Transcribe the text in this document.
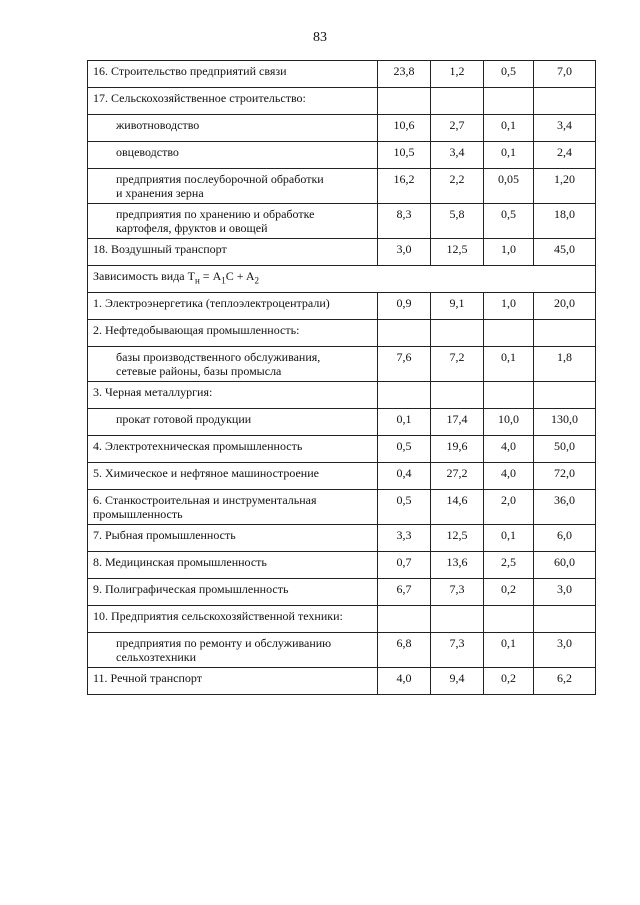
83
16. Строительство предприятий связи	23,8	1,2	0,5	7,0

17. Сельскохозяйственное строительство:				

животноводство	10,6	2,7	0,1	3,4

овцеводство	10,5	3,4	0,1	2,4

предприятия послеуборочной обработки
и хранения зерна	16,2	2,2	0,05	1,20

предприятия по хранению и обработке
картофеля, фруктов и овощей	8,3	5,8	0,5	18,0

18. Воздушный транспорт	3,0	12,5	1,0	45,0
Зависимость вида $T_н = A_1C + A_2$

1. Электроэнергетика (теплоэлектроцентрали)	0,9	9,1	1,0	20,0

2. Нефтедобывающая промышленность:				

базы производственного обслуживания,
сетевые районы, базы промысла	7,6	7,2	0,1	1,8

3. Черная металлургия:				

прокат готовой продукции	0,1	17,4	10,0	130,0

4. Электротехническая промышленность	0,5	19,6	4,0	50,0

5. Химическое и нефтяное машиностроение	0,4	27,2	4,0	72,0

6. Станкостроительная и инструментальная
промышленность	0,5	14,6	2,0	36,0

7. Рыбная промышленность	3,3	12,5	0,1	6,0

8. Медицинская промышленность	0,7	13,6	2,5	60,0

9. Полиграфическая промышленность	6,7	7,3	0,2	3,0

10. Предприятия сельскохозяйственной техники:				

предприятия по ремонту и обслуживанию
сельхозтехники	6,8	7,3	0,1	3,0

11. Речной транспорт	4,0	9,4	0,2	6,2
